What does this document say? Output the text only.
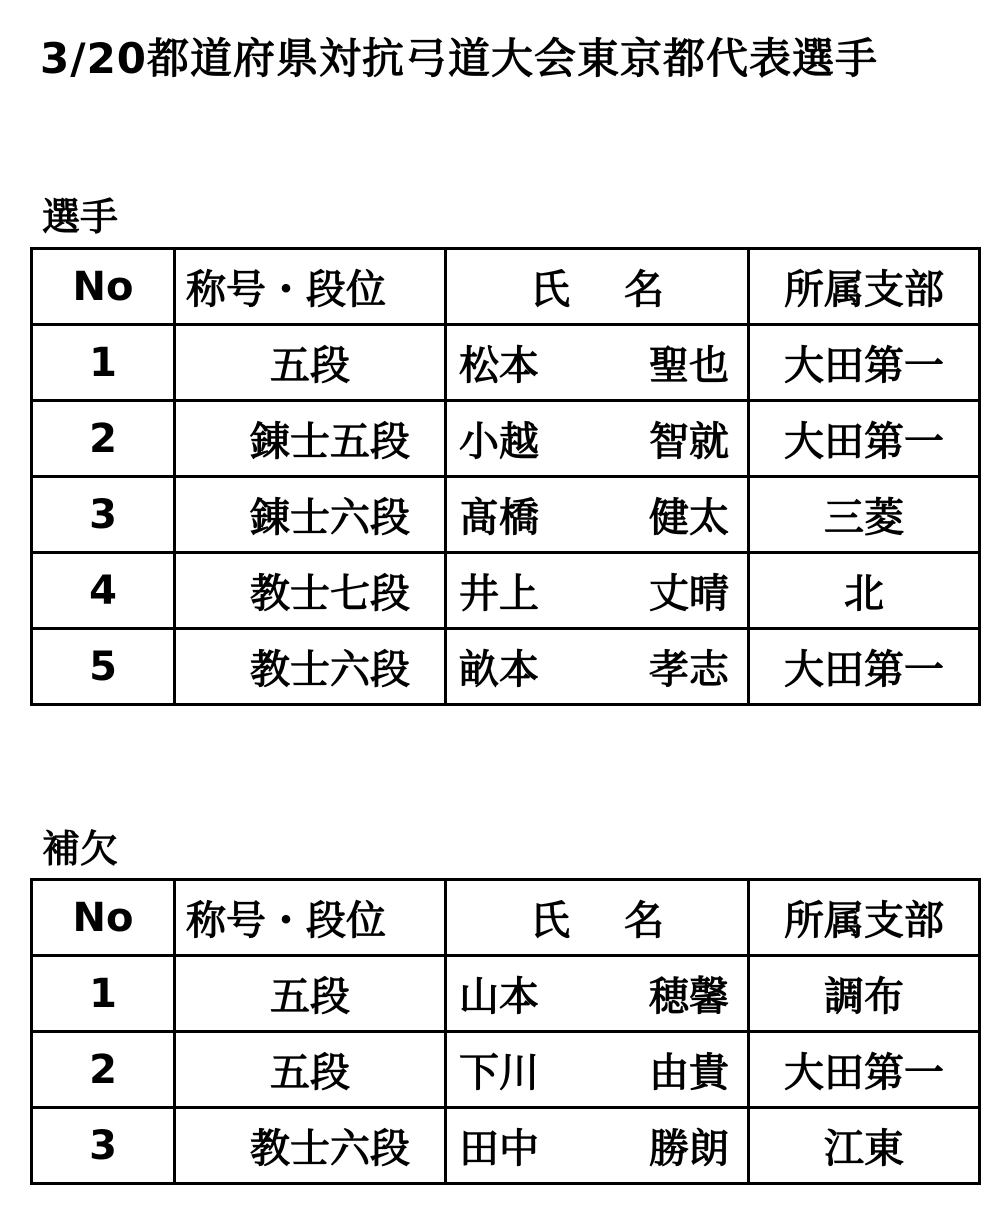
3/20都道府県対抗弓道大会東京都代表選手
選手
No	称号・段位	氏 名	所属支部
1	五段	松本 聖也	大田第一
2	錬士五段	小越 智就	大田第一
3	錬士六段	髙橋 健太	三菱
4	教士七段	井上 丈晴	北
5	教士六段	畝本 孝志	大田第一
補欠
No	称号・段位	氏 名	所属支部
1	五段	山本 穂馨	調布
2	五段	下川 由貴	大田第一
3	教士六段	田中 勝朗	江東
